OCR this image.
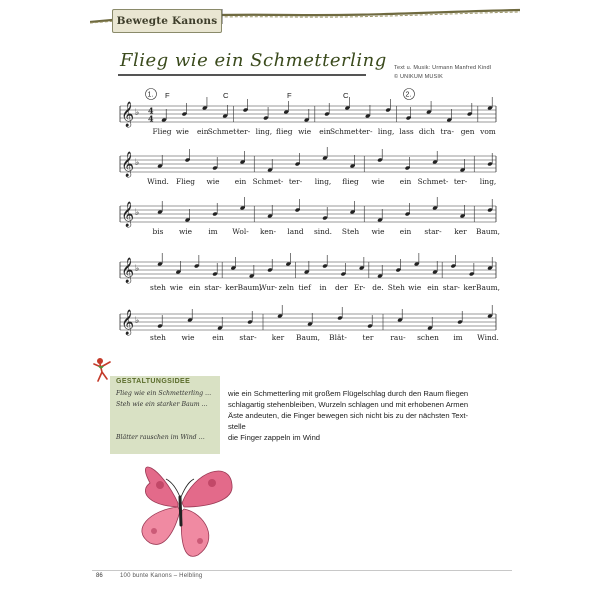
Bewegte Kanons
Flieg wie ein Schmetterling Text u. Musik: Urmann Manfred Kindl
© UNIKUM MUSIK
𝄞 ♭
𝄞 ♭
𝄞 ♭
𝄞 ♭
𝄞 ♭
4
4
1.	2.
F	C	F	C
Flieg wie ein Schmet-
ter- ling, flieg wie ein Schmet-
ter- ling, lass dich tra- gen vom
Wind. Flieg wie ein Schmet- ter- ling, flieg wie ein Schmet- ter- ling,
bis wie im Wol- ken- land sind. Steh wie ein star- ker Baum,
steh wie ein star- ker Baum,
Wur- zeln tief in der Er- de. Steh wie ein star- ker Baum,
steh wie ein star- ker Baum, Blät- ter rau- schen im Wind.
GESTALTUNGSIDEE
Flieg wie ein Schmetterling …	wie ein Schmetterling mit großem Flügelschlag durch den Raum fliegen
Steh wie ein starker Baum …	schlagartig stehenbleiben, Wurzeln schlagen und mit erhobenen Armen
Äste andeuten, die Finger bewegen sich nicht bis zu der nächsten Text-
stelle
Blätter rauschen im Wind …	die Finger zappeln im Wind
86	100 bunte Kanons – Helbling
